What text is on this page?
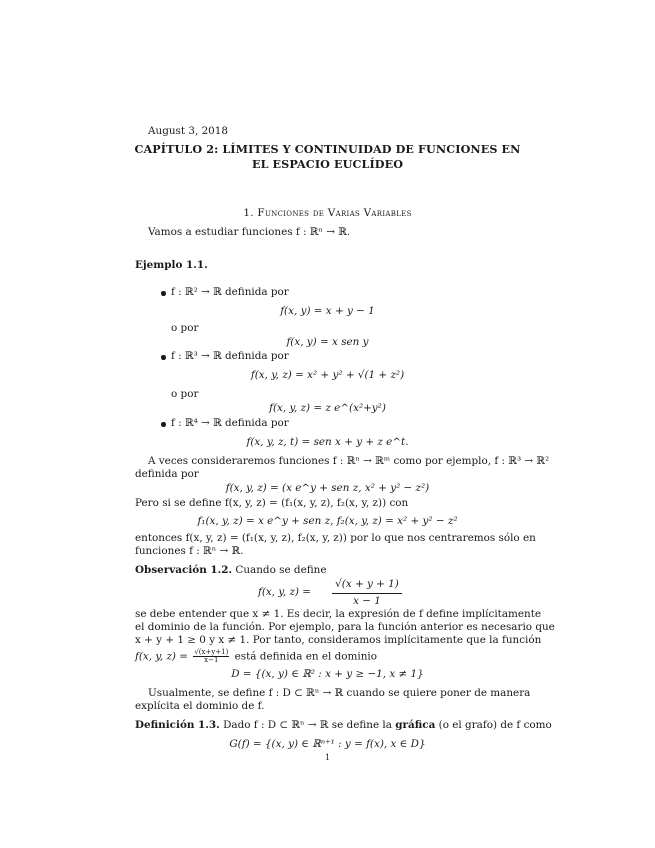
August 3, 2018
CAPÍTULO 2: LÍMITES Y CONTINUIDAD DE FUNCIONES EN
EL ESPACIO EUCLÍDEO
1. Funciones de Varias Variables
Vamos a estudiar funciones f : ℝⁿ → ℝ.
Ejemplo 1.1.
f : ℝ² → ℝ definida por
f(x, y) = x + y − 1
o por
f(x, y) = x sen y
f : ℝ³ → ℝ definida por
f(x, y, z) = x² + y² + √(1 + z²)
o por
f(x, y, z) = z e^(x²+y²)
f : ℝ⁴ → ℝ definida por
f(x, y, z, t) = sen x + y + z e^t.
A veces consideraremos funciones f : ℝⁿ → ℝᵐ como por ejemplo, f : ℝ³ → ℝ²
definida por
f(x, y, z) = (x e^y + sen z, x² + y² − z²)
Pero si se define f(x, y, z) = (f₁(x, y, z), f₂(x, y, z)) con
f₁(x, y, z) = x e^y + sen z, f₂(x, y, z) = x² + y² − z²
entonces f(x, y, z) = (f₁(x, y, z), f₂(x, y, z)) por lo que nos centraremos sólo en
funciones f : ℝⁿ → ℝ.
Observación 1.2. Cuando se define
f(x, y, z) =
√(x + y + 1)
x − 1
se debe entender que x ≠ 1. Es decir, la expresión de f define implícitamente
el dominio de la función. Por ejemplo, para la función anterior es necesario que
x + y + 1 ≥ 0 y x ≠ 1. Por tanto, consideramos implícitamente que la función
f(x, y, $z) = \frac{√(x+y+1)}{x-1}$ está definida en el dominio
D = {(x, y) ∈ ℝ² : x + y ≥ −1, x ≠ 1}
Usualmente, se define f : D ⊂ ℝⁿ → ℝ cuando se quiere poner de manera
explícita el dominio de f.
Definición 1.3. Dado f : D ⊂ ℝⁿ → ℝ se define la gráfica (o el grafo) de f como
G(f) = {(x, y) ∈ ℝⁿ⁺¹ : y = f(x), x ∈ D}
1
